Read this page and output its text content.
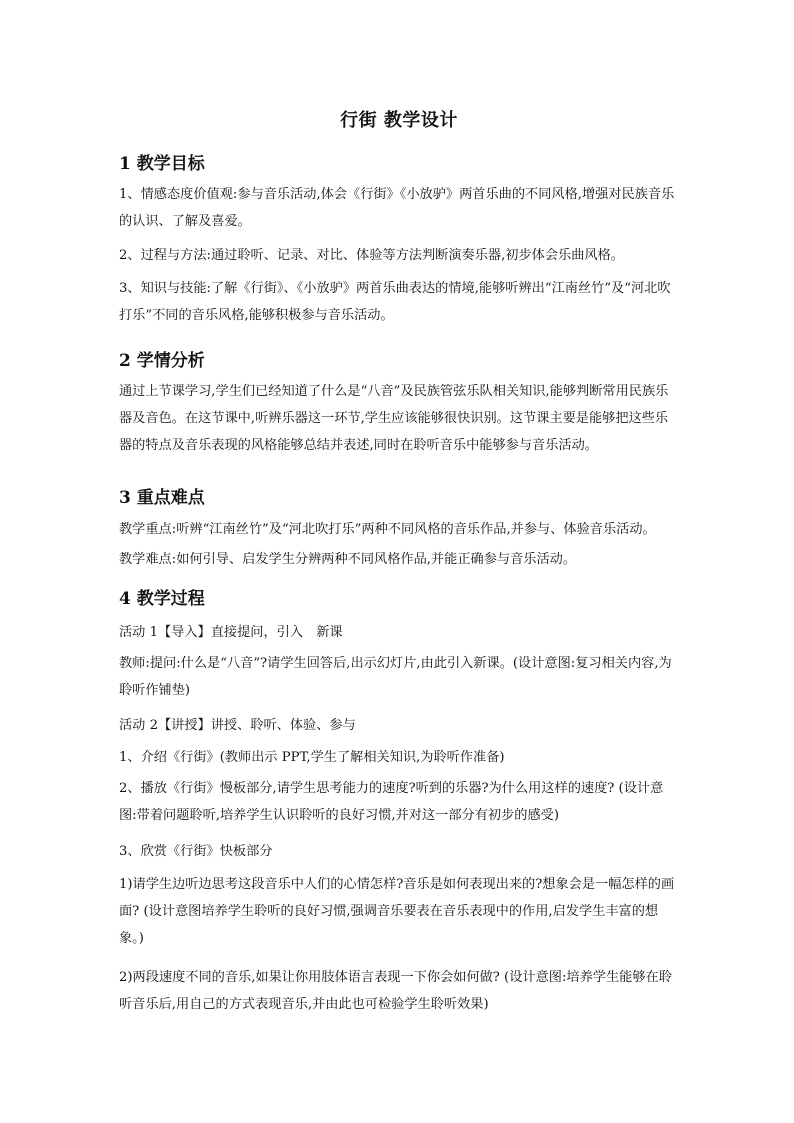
行街 教学设计
1 教学目标

1、情感态度价值观:参与音乐活动,体会《行街》《小放驴》两首乐曲的不同风格,增强对民族音乐的认识、了解及喜爱。

2、过程与方法:通过聆听、记录、对比、体验等方法判断演奏乐器,初步体会乐曲风格。

3、知识与技能:了解《行街》、《小放驴》两首乐曲表达的情境,能够听辨出“江南丝竹”及“河北吹打乐”不同的音乐风格,能够积极参与音乐活动。

2 学情分析

通过上节课学习,学生们已经知道了什么是“八音”及民族管弦乐队相关知识,能够判断常用民族乐器及音色。在这节课中,听辨乐器这一环节,学生应该能够很快识别。这节课主要是能够把这些乐器的特点及音乐表现的风格能够总结并表述,同时在聆听音乐中能够参与音乐活动。

3 重点难点

教学重点:听辨“江南丝竹”及“河北吹打乐”两种不同风格的音乐作品,并参与、体验音乐活动。

教学难点:如何引导、启发学生分辨两种不同风格作品,并能正确参与音乐活动。

4 教学过程

活动 1【导入】直接提问，引入　新课

教师:提问:什么是“八音”?请学生回答后,出示幻灯片,由此引入新课。(设计意图:复习相关内容,为聆听作铺垫)

活动 2【讲授】讲授、聆听、体验、参与

1、介绍《行街》(教师出示 PPT,学生了解相关知识,为聆听作准备)

2、播放《行街》慢板部分,请学生思考能力的速度?听到的乐器?为什么用这样的速度? (设计意图:带着问题聆听,培养学生认识聆听的良好习惯,并对这一部分有初步的感受)

3、欣赏《行街》快板部分

1)请学生边听边思考这段音乐中人们的心情怎样?音乐是如何表现出来的?想象会是一幅怎样的画面? (设计意图培养学生聆听的良好习惯,强调音乐要表在音乐表现中的作用,启发学生丰富的想象。)

2)两段速度不同的音乐,如果让你用肢体语言表现一下你会如何做? (设计意图:培养学生能够在聆听音乐后,用自己的方式表现音乐,并由此也可检验学生聆听效果)
